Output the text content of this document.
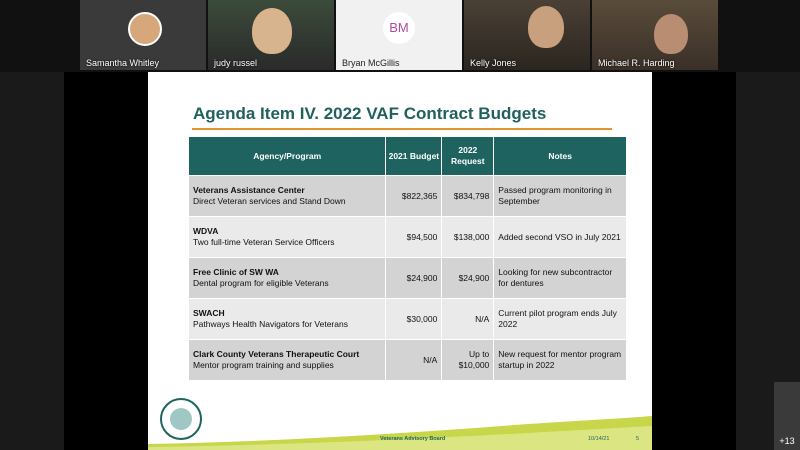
Samantha Whitley	judy russel
BM
Bryan McGillis	Kelly Jones	Michael R. Harding
Agenda Item IV. 2022 VAF Contract Budgets
Agency/Program	2021 Budget	2022 Request	Notes

Veterans Assistance Center
Direct Veteran services and Stand Down	$822,365	$834,798	Passed program monitoring in September

WDVA
Two full-time Veteran Service Officers	$94,500	$138,000	Added second VSO in July 2021

Free Clinic of SW WA
Dental program for eligible Veterans	$24,900	$24,900	Looking for new subcontractor for dentures

SWACH
Pathways Health Navigators for Veterans	$30,000	N/A	Current pilot program ends July 2022

Clark County Veterans Therapeutic Court
Mentor program training and supplies	N/A	Up to $10,000	New request for mentor program startup in 2022
Veterans Advisory Board	10/14/21	5	+13
